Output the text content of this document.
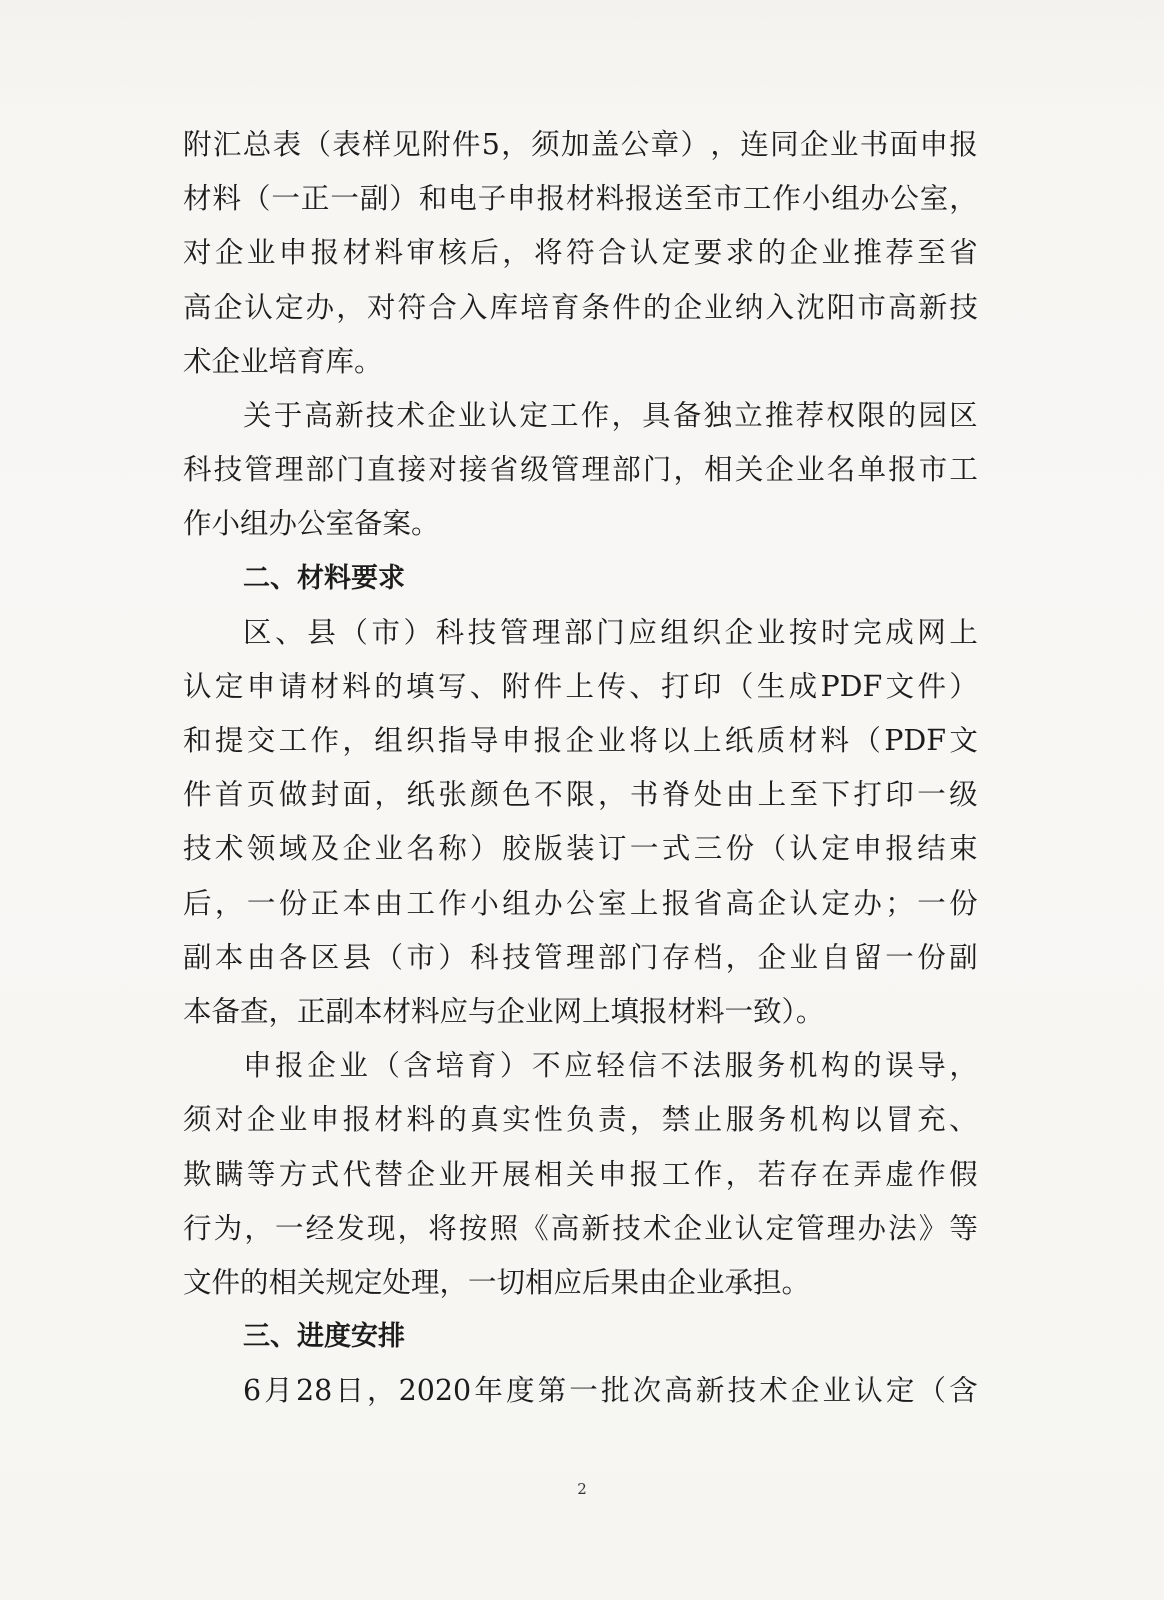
附 汇 总 表 （ 表 样 见 附 件 5 ， 须 加 盖 公 章 ） ， 连 同 企 业 书 面 申 报
材 料 （ 一 正 一 副 ） 和 电 子 申 报 材 料 报 送 至 市 工 作 小 组 办 公 室 ，
对 企 业 申 报 材 料 审 核 后 ， 将 符 合 认 定 要 求 的 企 业 推 荐 至 省
高 企 认 定 办 ， 对 符 合 入 库 培 育 条 件 的 企 业 纳 入 沈 阳 市 高 新 技
术企业培育库。
关 于 高 新 技 术 企 业 认 定 工 作 ， 具 备 独 立 推 荐 权 限 的 园 区
科 技 管 理 部 门 直 接 对 接 省 级 管 理 部 门 ， 相 关 企 业 名 单 报 市 工
作小组办公室备案。
二、材料要求
区 、 县 （ 市 ） 科 技 管 理 部 门 应 组 织 企 业 按 时 完 成 网 上
认 定 申 请 材 料 的 填 写 、 附 件 上 传 、 打 印 （ 生 成 PDF 文 件 ）
和 提 交 工 作 ， 组 织 指 导 申 报 企 业 将 以 上 纸 质 材 料 （ PDF 文
件 首 页 做 封 面 ， 纸 张 颜 色 不 限 ， 书 脊 处 由 上 至 下 打 印 一 级
技 术 领 域 及 企 业 名 称 ） 胶 版 装 订 一 式 三 份 （ 认 定 申 报 结 束
后 ， 一 份 正 本 由 工 作 小 组 办 公 室 上 报 省 高 企 认 定 办 ； 一 份
副 本 由 各 区 县 （ 市 ） 科 技 管 理 部 门 存 档 ， 企 业 自 留 一 份 副
本备查，正副本材料应与企业网上填报材料一致）。
申 报 企 业 （ 含 培 育 ） 不 应 轻 信 不 法 服 务 机 构 的 误 导 ，
须 对 企 业 申 报 材 料 的 真 实 性 负 责 ， 禁 止 服 务 机 构 以 冒 充 、
欺 瞒 等 方 式 代 替 企 业 开 展 相 关 申 报 工 作 ， 若 存 在 弄 虚 作 假
行 为 ， 一 经 发 现 ， 将 按 照 《 高 新 技 术 企 业 认 定 管 理 办 法 》 等
文件的相关规定处理，一切相应后果由企业承担。
三、进度安排
6 月 28 日 ， 2020 年 度 第 一 批 次 高 新 技 术 企 业 认 定 （ 含
2
